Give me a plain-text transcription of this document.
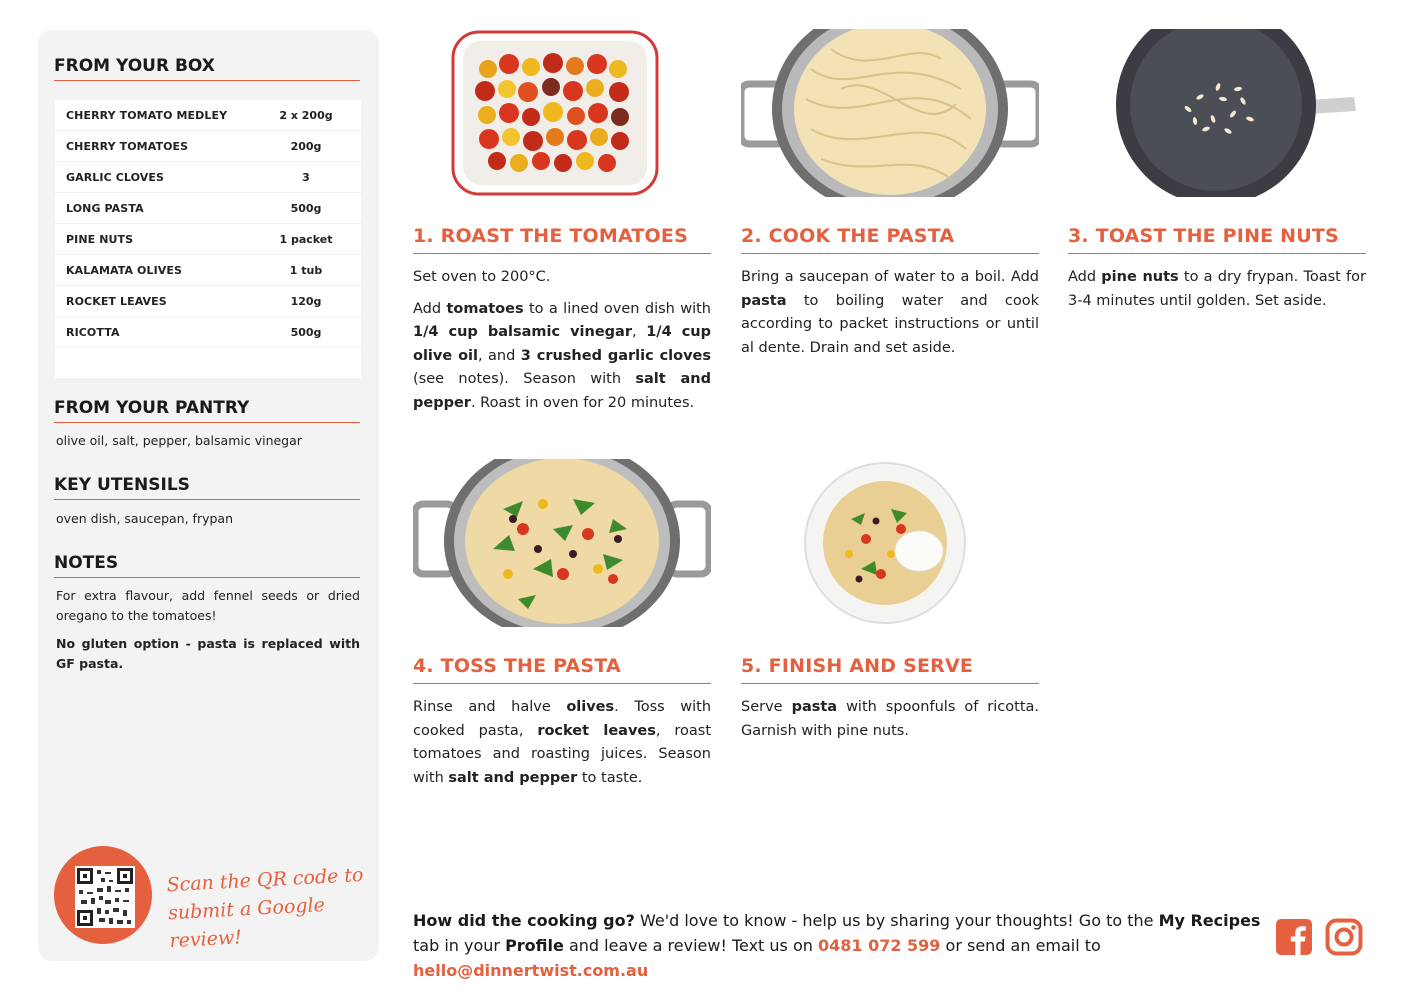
FROM YOUR BOX
CHERRY TOMATO MEDLEY	2 x 200g
CHERRY TOMATOES	200g
GARLIC CLOVES	3
LONG PASTA	500g
PINE NUTS	1 packet
KALAMATA OLIVES	1 tub
ROCKET LEAVES	120g
RICOTTA	500g
FROM YOUR PANTRY
olive oil, salt, pepper, balsamic vinegar
KEY UTENSILS
oven dish, saucepan, frypan
NOTES
For extra flavour, add fennel seeds or dried oregano to the tomatoes!
No gluten option - pasta is replaced with GF pasta.
Scan the QR code to
submit a Google review!
1. ROAST THE TOMATOES

Set oven to 200°C.

Add tomatoes to a lined oven dish with 1/4 cup balsamic vinegar, 1/4 cup olive oil, and 3 crushed garlic cloves (see notes). Season with salt and pepper. Roast in oven for 20 minutes.

2. COOK THE PASTA

Bring a saucepan of water to a boil. Add pasta to boiling water and cook according to packet instructions or until al dente. Drain and set aside.

3. TOAST THE PINE NUTS

Add pine nuts to a dry frypan. Toast for 3-4 minutes until golden. Set aside.

4. TOSS THE PASTA

Rinse and halve olives. Toss with cooked pasta, rocket leaves, roast tomatoes and roasting juices. Season with salt and pepper to taste.

5. FINISH AND SERVE

Serve pasta with spoonfuls of ricotta. Garnish with pine nuts.

How did the cooking go? We'd love to know - help us by sharing your thoughts! Go to the My Recipes tab in your Profile and leave a review! Text us on 0481 072 599 or send an email to hello@dinnertwist.com.au
